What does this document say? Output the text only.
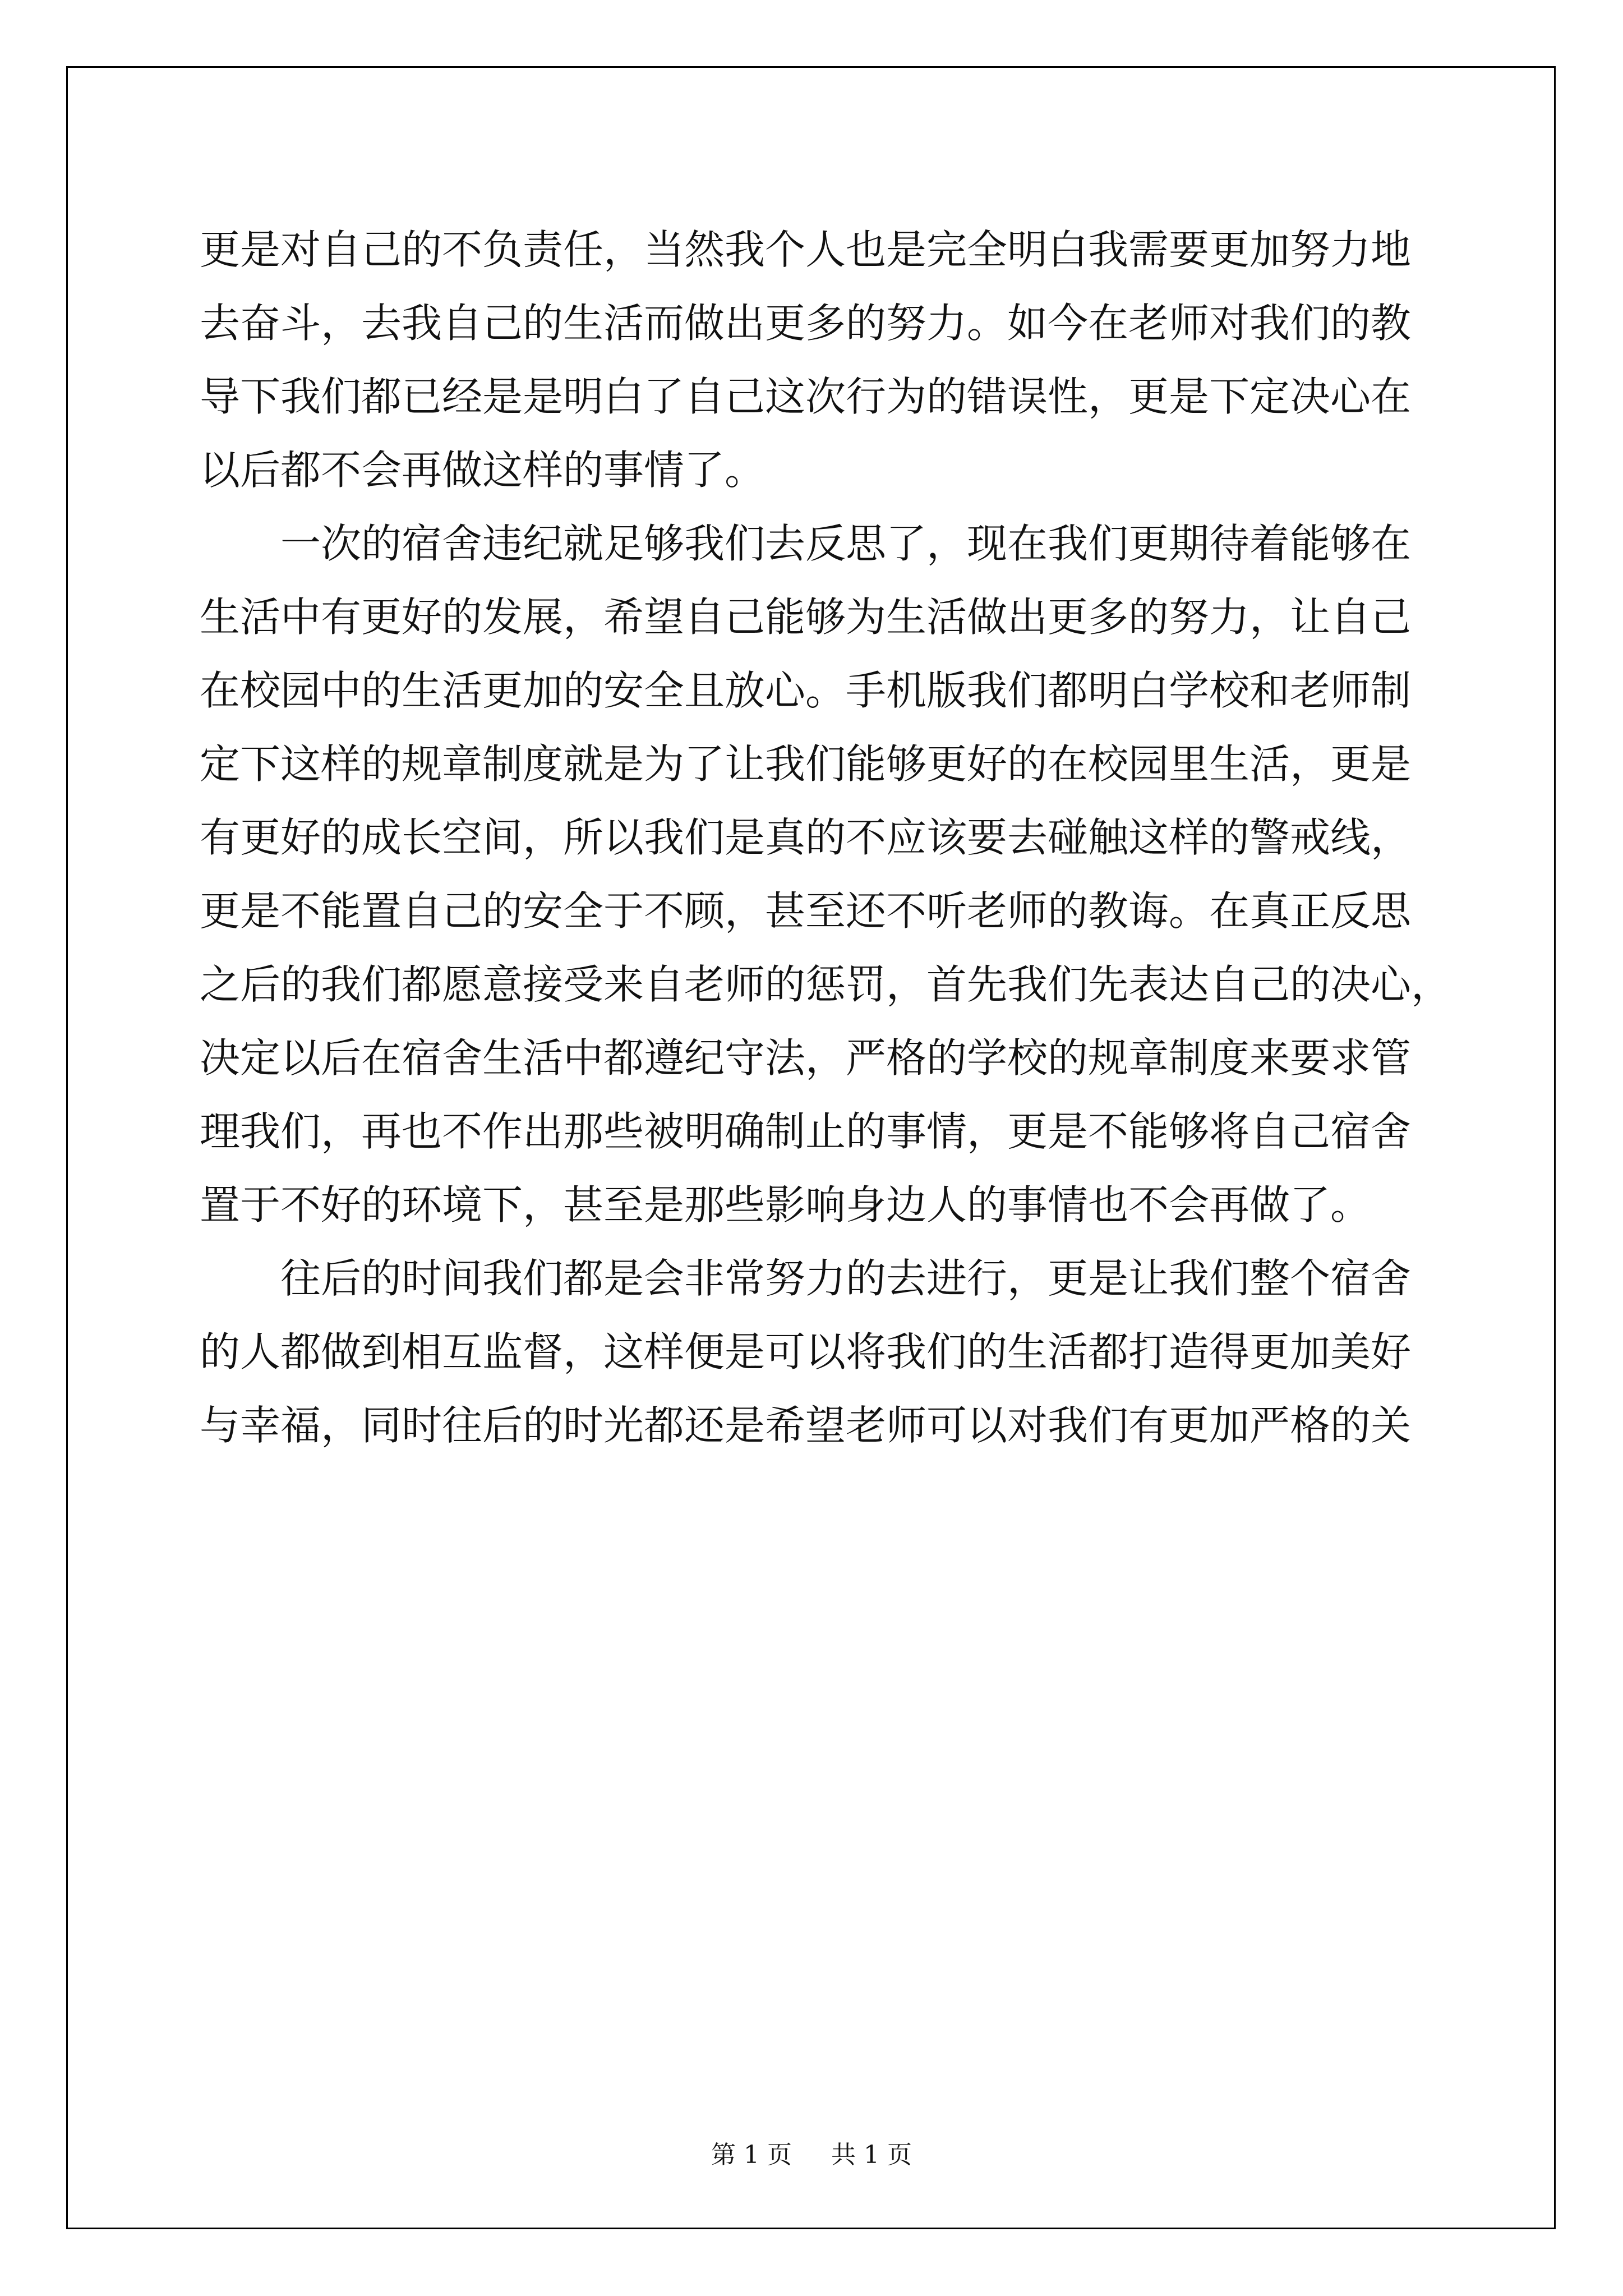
更是对自己的不负责任，当然我个人也是完全明白我需要更加努力地

去奋斗，去我自己的生活而做出更多的努力。如今在老师对我们的教

导下我们都已经是是明白了自己这次行为的错误性，更是下定决心在

以后都不会再做这样的事情了。

一次的宿舍违纪就足够我们去反思了，现在我们更期待着能够在

生活中有更好的发展，希望自己能够为生活做出更多的努力，让自己

在校园中的生活更加的安全且放心。手机版我们都明白学校和老师制

定下这样的规章制度就是为了让我们能够更好的在校园里生活，更是

有更好的成长空间，所以我们是真的不应该要去碰触这样的警戒线，

更是不能置自己的安全于不顾，甚至还不听老师的教诲。在真正反思

之后的我们都愿意接受来自老师的惩罚，首先我们先表达自己的决心，

决定以后在宿舍生活中都遵纪守法，严格的学校的规章制度来要求管

理我们，再也不作出那些被明确制止的事情，更是不能够将自己宿舍

置于不好的环境下，甚至是那些影响身边人的事情也不会再做了。

往后的时间我们都是会非常努力的去进行，更是让我们整个宿舍

的人都做到相互监督，这样便是可以将我们的生活都打造得更加美好

与幸福，同时往后的时光都还是希望老师可以对我们有更加严格的关

第 1 页 共 1 页
